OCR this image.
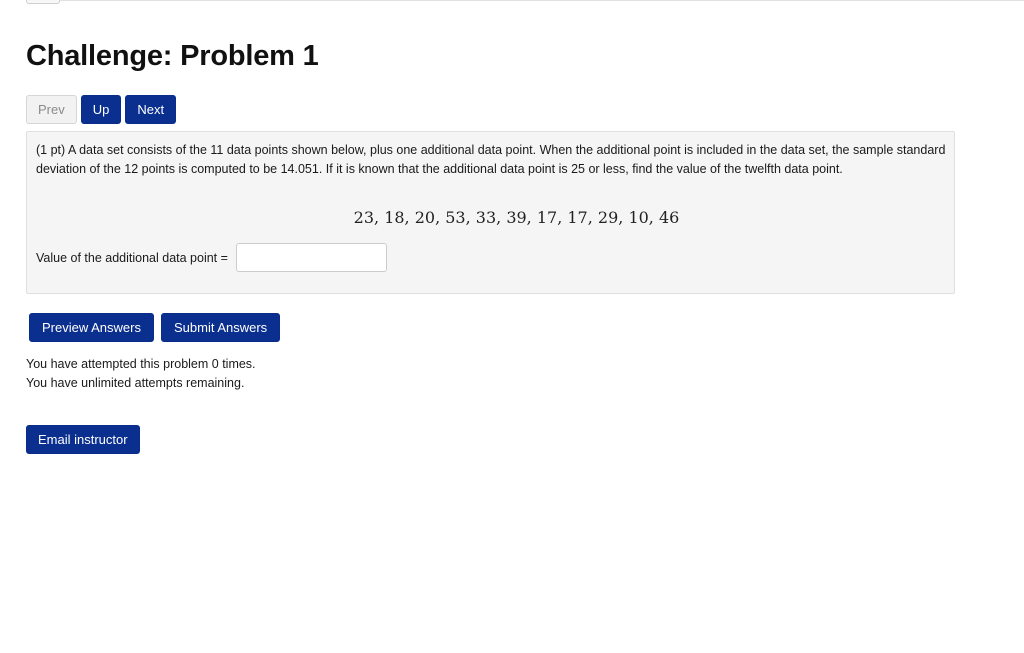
Challenge: Problem 1
Prev	Up	Next

(1 pt) A data set consists of the 11 data points shown below, plus one additional data point. When the additional point is included in the data set, the sample standard deviation of the 12 points is computed to be 14.051. If it is known that the additional data point is 25 or less, find the value of the twelfth data point.

23, 18, 20, 53, 33, 39, 17, 17, 29, 10, 46
Value of the additional data point =
Preview Answers	Submit Answers

You have attempted this problem 0 times.
You have unlimited attempts remaining.

Email instructor
